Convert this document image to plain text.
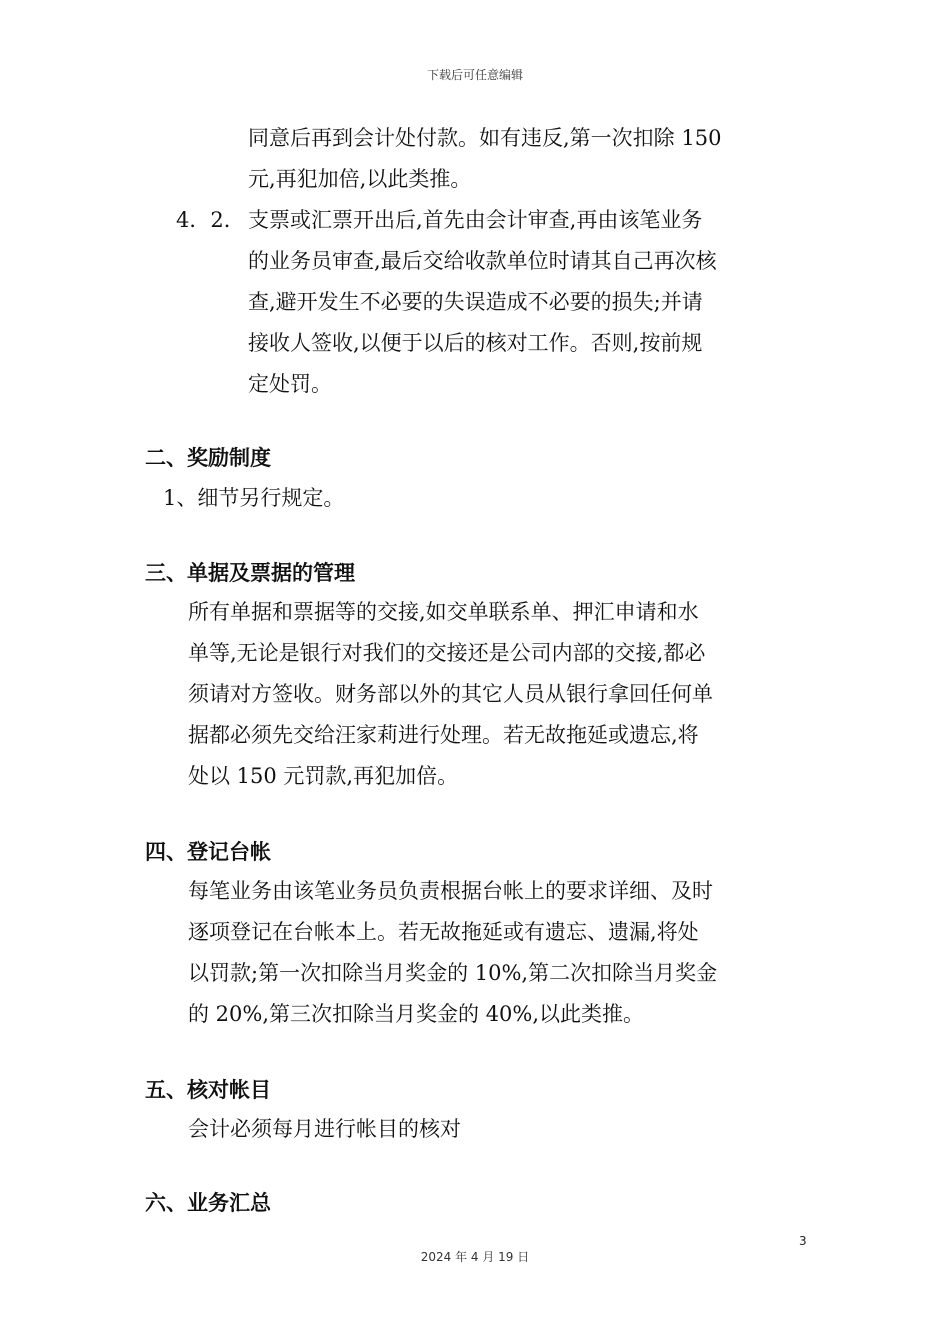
下载后可任意编辑
同意后再到会计处付款。如有违反,第一次扣除 150
元,再犯加倍,以此类推。
4．2． 支票或汇票开出后,首先由会计审查,再由该笔业务
的业务员审查,最后交给收款单位时请其自己再次核
查,避开发生不必要的失误造成不必要的损失;并请
接收人签收,以便于以后的核对工作。否则,按前规
定处罚。
二、奖励制度
1、细节另行规定。
三、单据及票据的管理
所有单据和票据等的交接,如交单联系单、押汇申请和水
单等,无论是银行对我们的交接还是公司内部的交接,都必
须请对方签收。财务部以外的其它人员从银行拿回任何单
据都必须先交给汪家莉进行处理。若无故拖延或遗忘,将
处以 150 元罚款,再犯加倍。
四、登记台帐
每笔业务由该笔业务员负责根据台帐上的要求详细、及时
逐项登记在台帐本上。若无故拖延或有遗忘、遗漏,将处
以罚款;第一次扣除当月奖金的 10%,第二次扣除当月奖金
的 20%,第三次扣除当月奖金的 40%,以此类推。
五、核对帐目
会计必须每月进行帐目的核对
六、业务汇总
3
2024 年 4 月 19 日
